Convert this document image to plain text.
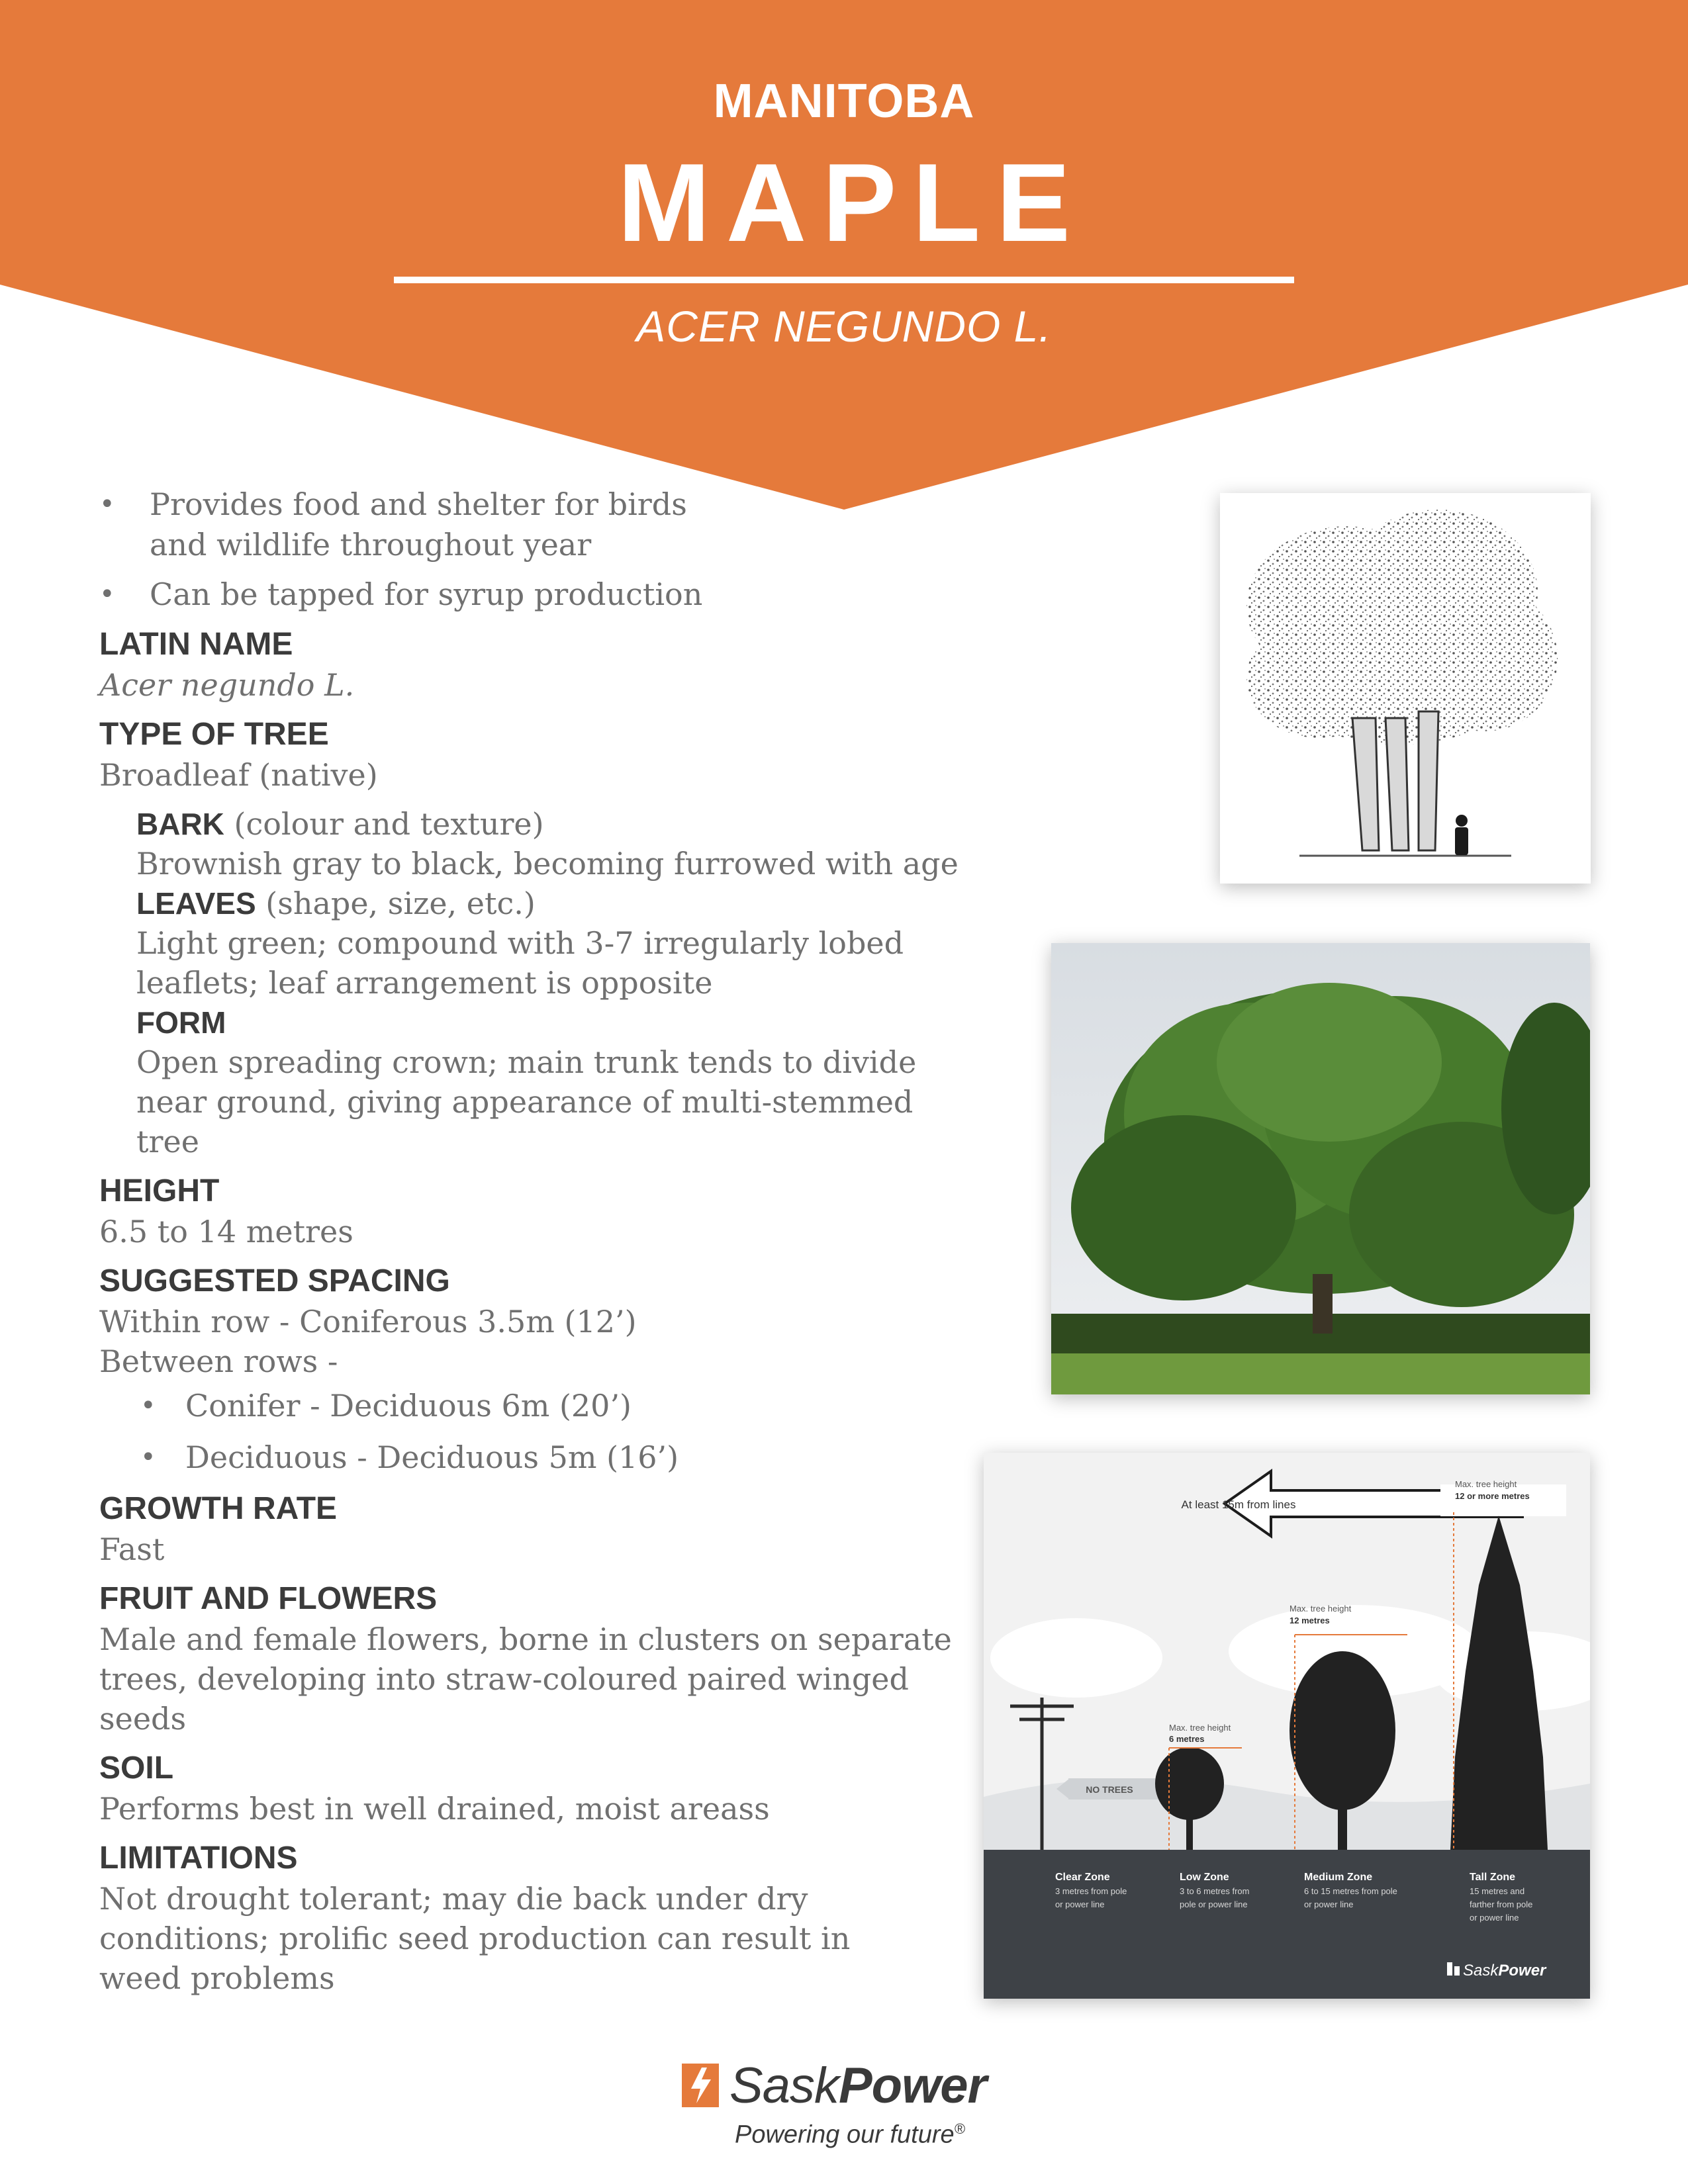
MANITOBA
MAPLE
ACER NEGUNDO L.
• Provides food and shelter for birds and wildlife throughout year
• Can be tapped for syrup production
LATIN NAME
Acer negundo L.
TYPE OF TREE
Broadleaf (native)
BARK (colour and texture)
Brownish gray to black, becoming furrowed with age
LEAVES (shape, size, etc.)
Light green; compound with 3-7 irregularly lobed leaflets; leaf arrangement is opposite
FORM
Open spreading crown; main trunk tends to divide near ground, giving appearance of multi-stemmed tree
HEIGHT
6.5 to 14 metres
SUGGESTED SPACING
Within row - Coniferous 3.5m (12’)
Between rows -
• Conifer - Deciduous 6m (20’)
• Deciduous - Deciduous 5m (16’)
GROWTH RATE
Fast
FRUIT AND FLOWERS
Male and female flowers, borne in clusters on separate trees, developing into straw-coloured paired winged seeds
SOIL
Performs best in well drained, moist areass
LIMITATIONS
Not drought tolerant; may die back under dry conditions; prolific seed production can result in weed problems
At least 15m from lines
NO TREES
Max. tree height
6 metres
Max. tree height
12 metres
Max. tree height
12 or more metres
Clear Zone
3 metres from pole
or power line
Low Zone
3 to 6 metres from
pole or power line
Medium Zone
6 to 15 metres from pole
or power line
Tall Zone
15 metres and
farther from pole
or power line
SaskPower
SaskPower
Powering our future®
